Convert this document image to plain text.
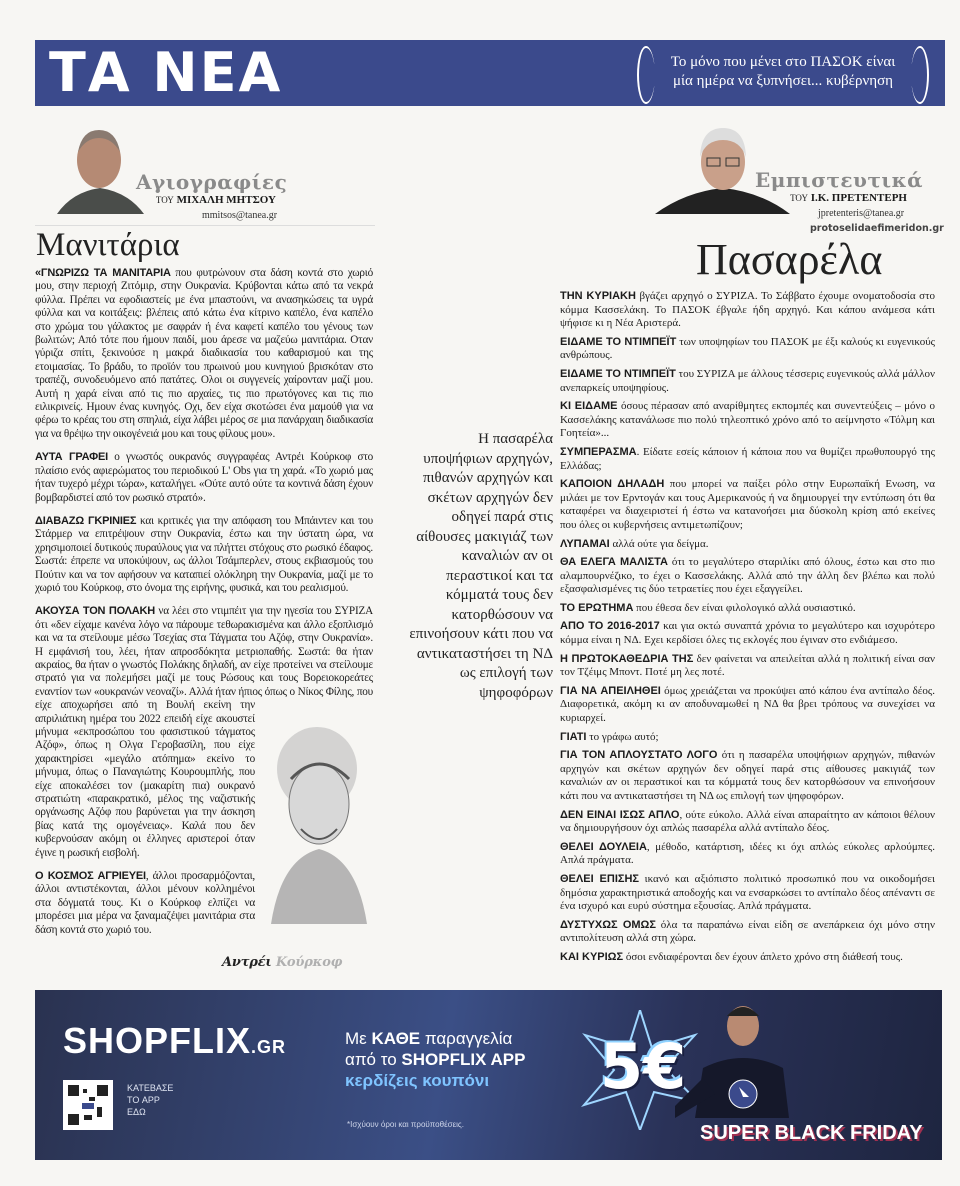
ΤΑ ΝΕΑ	Το μόνο που μένει στο ΠΑΣΟΚ είναι
μία ημέρα να ξυπνήσει... κυβέρνηση
Αγιογραφίες
ΤΟΥ ΜΙΧΑΛΗ ΜΗΤΣΟΥ
mmitsos@tanea.gr
Μανιτάρια

«ΓΝΩΡΙΖΩ ΤΑ ΜΑΝΙΤΑΡΙΑ που φυτρώνουν στα δάση κοντά στο χωριό μου, στην περιοχή Ζιτόμιρ, στην Ουκρανία. Κρύβονται κάτω από τα νεκρά φύλλα. Πρέπει να εφοδιαστείς με ένα μπαστούνι, να ανασηκώσεις τα υγρά φύλλα και να κοιτάξεις: βλέπεις από κάτω ένα κίτρινο καπέλο, ένα καπέλο στο χρώμα του γάλακτος με σαφράν ή ένα καφετί καπέλο του γένους των βωλιτών; Από τότε που ήμουν παιδί, μου άρεσε να μαζεύω μανιτάρια. Οταν γύριζα σπίτι, ξεκινούσε η μακρά διαδικασία του καθαρισμού και της ετοιμασίας. Το βράδυ, το προϊόν του πρωινού μου κυνηγιού βρισκόταν στο τραπέζι, συνοδευόμενο από πατάτες. Ολοι οι συγγενείς χαίρονταν μαζί μου. Αυτή η χαρά είναι από τις πιο αρχαίες, τις πιο πρωτόγονες και τις πιο ειλικρινείς. Ημουν ένας κυνηγός. Οχι, δεν είχα σκοτώσει ένα μαμούθ για να φέρω το κρέας του στη σπηλιά, είχα λάβει μέρος σε μια πανάρχαιη διαδικασία για να θρέψω την οικογένειά μου και τους φίλους μου».

ΑΥΤΑ ΓΡΑΦΕΙ ο γνωστός ουκρανός συγγραφέας Αντρέι Κούρκοφ στο πλαίσιο ενός αφιερώματος του περιοδικού L' Obs για τη χαρά. «Το χωριό μας ήταν τυχερό μέχρι τώρα», καταλήγει. «Ούτε αυτό ούτε τα κοντινά δάση έχουν βομβαρδιστεί από τον ρωσικό στρατό».

ΔΙΑΒΑΖΩ ΓΚΡΙΝΙΕΣ και κριτικές για την απόφαση του Μπάιντεν και του Στάρμερ να επιτρέψουν στην Ουκρανία, έστω και την ύστατη ώρα, να χρησιμοποιεί δυτικούς πυραύλους για να πλήττει στόχους στο ρωσικό έδαφος. Σωστά: έπρεπε να υποκύψουν, ως άλλοι Τσάμπερλεν, στους εκβιασμούς του Πούτιν και να τον αφήσουν να καταπιεί ολόκληρη την Ουκρανία, μαζί με το χωριό του Κούρκοφ, στο όνομα της ειρήνης, φυσικά, και του ρεαλισμού.

ΑΚΟΥΣΑ ΤΟΝ ΠΟΛΑΚΗ να λέει στο ντιμπέιτ για την ηγεσία του ΣΥΡΙΖΑ ότι «δεν είχαμε κανένα λόγο να πάρουμε τεθωρακισμένα και άλλο εξοπλισμό και να τα στείλουμε μέσω Τσεχίας στα Τάγματα του Αζόφ, στην Ουκρανία». Η εμφάνισή του, λέει, ήταν απροσδόκητα μετριοπαθής. Σωστά: θα ήταν ακραίος, θα ήταν ο γνωστός Πολάκης δηλαδή, αν είχε προτείνει να στείλουμε στρατό για να πολεμήσει μαζί με τους Ρώσους και τους Βορειοκορεάτες εναντίον των «ουκρανών νεοναζί». Αλλά ήταν ήπιος όπως ο Νίκος Φίλης, που είχε αποχωρήσει από τη Βουλή εκείνη την απριλιάτικη ημέρα του 2022 επειδή είχε ακουστεί μήνυμα «εκπροσώπου του φασιστικού τάγματος Αζόφ», όπως η Ολγα Γεροβασίλη, που είχε χαρακτηρίσει «μεγάλο ατόπημα» εκείνο το μήνυμα, όπως ο Παναγιώτης Κουρουμπλής, που είχε αποκαλέσει τον (μακαρίτη πια) ουκρανό στρατιώτη «παρακρατικό, μέλος της ναζιστικής οργάνωσης Αζόφ που βαρύνεται για την άσκηση βίας κατά της ομογένειας». Καλά που δεν κυβερνούσαν ακόμη οι έλληνες αριστεροί όταν έγινε η ρωσική εισβολή.

Ο ΚΟΣΜΟΣ ΑΓΡΙΕΥΕΙ, άλλοι προσαρμόζονται, άλλοι αντιστέκονται, άλλοι μένουν κολλημένοι στα δόγματά τους. Κι ο Κούρκοφ ελπίζει να μπορέσει μια μέρα να ξαναμαζέψει μανιτάρια στα δάση κοντά στο χωριό του.

Αντρέι Κούρκοφ
Εμπιστευτικά
ΤΟΥ Ι.Κ. ΠΡΕΤΕΝΤΕΡΗ
jpretenteris@tanea.gr
protoselidaefimeridon.gr
Πασαρέλα
Η πασαρέλα υποψήφιων αρχηγών, πιθανών αρχηγών και σκέτων αρχηγών δεν οδηγεί παρά στις αίθουσες μακιγιάζ των καναλιών αν οι περαστικοί και τα κόμματά τους δεν κατορθώσουν να επινοήσουν κάτι που να αντικαταστήσει τη ΝΔ ως επιλογή των ψηφοφόρων

ΤΗΝ ΚΥΡΙΑΚΗ βγάζει αρχηγό ο ΣΥΡΙΖΑ. Το Σάββατο έχουμε ονοματοδοσία στο κόμμα Κασσελάκη. Το ΠΑΣΟΚ έβγαλε ήδη αρχηγό. Και κάπου ανάμεσα κάτι ψήφισε κι η Νέα Αριστερά.

ΕΙΔΑΜΕ ΤΟ ΝΤΙΜΠΕΪΤ των υποψηφίων του ΠΑΣΟΚ με έξι καλούς κι ευγενικούς ανθρώπους.

ΕΙΔΑΜΕ ΤΟ ΝΤΙΜΠΕΪΤ του ΣΥΡΙΖΑ με άλλους τέσσερις ευγενικούς αλλά μάλλον ανεπαρκείς υποψηφίους.

ΚΙ ΕΙΔΑΜΕ όσους πέρασαν από αναρίθμητες εκπομπές και συνεντεύξεις – μόνο ο Κασσελάκης κατανάλωσε πιο πολύ τηλεοπτικό χρόνο από το αείμνηστο «Τόλμη και Γοητεία»...

ΣΥΜΠΕΡΑΣΜΑ. Είδατε εσείς κάποιον ή κάποια που να θυμίζει πρωθυπουργό της Ελλάδας;

ΚΑΠΟΙΟΝ ΔΗΛΑΔΗ που μπορεί να παίξει ρόλο στην Ευρωπαϊκή Ενωση, να μιλάει με τον Ερντογάν και τους Αμερικανούς ή να δημιουργεί την εντύπωση ότι θα καταφέρει να διαχειριστεί ή έστω να κατανοήσει μια δύσκολη κρίση από εκείνες που όλες οι κυβερνήσεις αντιμετωπίζουν;

ΛΥΠΑΜΑΙ αλλά ούτε για δείγμα.

ΘΑ ΕΛΕΓΑ ΜΑΛΙΣΤΑ ότι το μεγαλύτερο σταριλίκι από όλους, έστω και στο πιο αλαμπουρνέζικο, το έχει ο Κασσελάκης. Αλλά από την άλλη δεν βλέπω και πολύ εξασφαλισμένες τις δύο τετραετίες που έχει εξαγγείλει.

ΤΟ ΕΡΩΤΗΜΑ που έθεσα δεν είναι φιλολογικό αλλά ουσιαστικό.

ΑΠΟ ΤΟ 2016-2017 και για οκτώ συναπτά χρόνια το μεγαλύτερο και ισχυρότερο κόμμα είναι η ΝΔ. Εχει κερδίσει όλες τις εκλογές που έγιναν στο ενδιάμεσο.

Η ΠΡΩΤΟΚΑΘΕΔΡΙΑ ΤΗΣ δεν φαίνεται να απειλείται αλλά η πολιτική είναι σαν τον Τζέιμς Μποντ. Ποτέ μη λες ποτέ.

ΓΙΑ ΝΑ ΑΠΕΙΛΗΘΕΙ όμως χρειάζεται να προκύψει από κάπου ένα αντίπαλο δέος. Διαφορετικά, ακόμη κι αν αποδυναμωθεί η ΝΔ θα βρει τρόπους να συνεχίσει να κυριαρχεί.

ΓΙΑΤΙ το γράφω αυτό;

ΓΙΑ ΤΟΝ ΑΠΛΟΥΣΤΑΤΟ ΛΟΓΟ ότι η πασαρέλα υποψήφιων αρχηγών, πιθανών αρχηγών και σκέτων αρχηγών δεν οδηγεί παρά στις αίθουσες μακιγιάζ των καναλιών αν οι περαστικοί και τα κόμματά τους δεν κατορθώσουν να επινοήσουν κάτι που να αντικαταστήσει τη ΝΔ ως επιλογή των ψηφοφόρων.

ΔΕΝ ΕΙΝΑΙ ΙΣΩΣ ΑΠΛΟ, ούτε εύκολο. Αλλά είναι απαραίτητο αν κάποιοι θέλουν να δημιουργήσουν όχι απλώς πασαρέλα αλλά αντίπαλο δέος.

ΘΕΛΕΙ ΔΟΥΛΕΙΑ, μέθοδο, κατάρτιση, ιδέες κι όχι απλώς εύκολες αρλούμπες. Απλά πράγματα.

ΘΕΛΕΙ ΕΠΙΣΗΣ ικανό και αξιόπιστο πολιτικό προσωπικό που να οικοδομήσει δημόσια χαρακτηριστικά αποδοχής και να ενσαρκώσει το αντίπαλο δέος απέναντι σε ένα ισχυρό και ευρύ σύστημα εξουσίας. Απλά πράγματα.

ΔΥΣΤΥΧΩΣ ΟΜΩΣ όλα τα παραπάνω είναι είδη σε ανεπάρκεια όχι μόνο στην αντιπολίτευση αλλά στη χώρα.

ΚΑΙ ΚΥΡΙΩΣ όσοι ενδιαφέρονται δεν έχουν άπλετο χρόνο στη διάθεσή τους.

SHOPFLIX.GR
ΚΑΤΕΒΑΣΕ
ΤΟ APP
ΕΔΩ
Με ΚΑΘΕ παραγγελία
από το SHOPFLIX APP
κερδίζεις κουπόνι
*Ισχύουν όροι και προϋποθέσεις.
5€
SUPER BLACK FRIDAY
